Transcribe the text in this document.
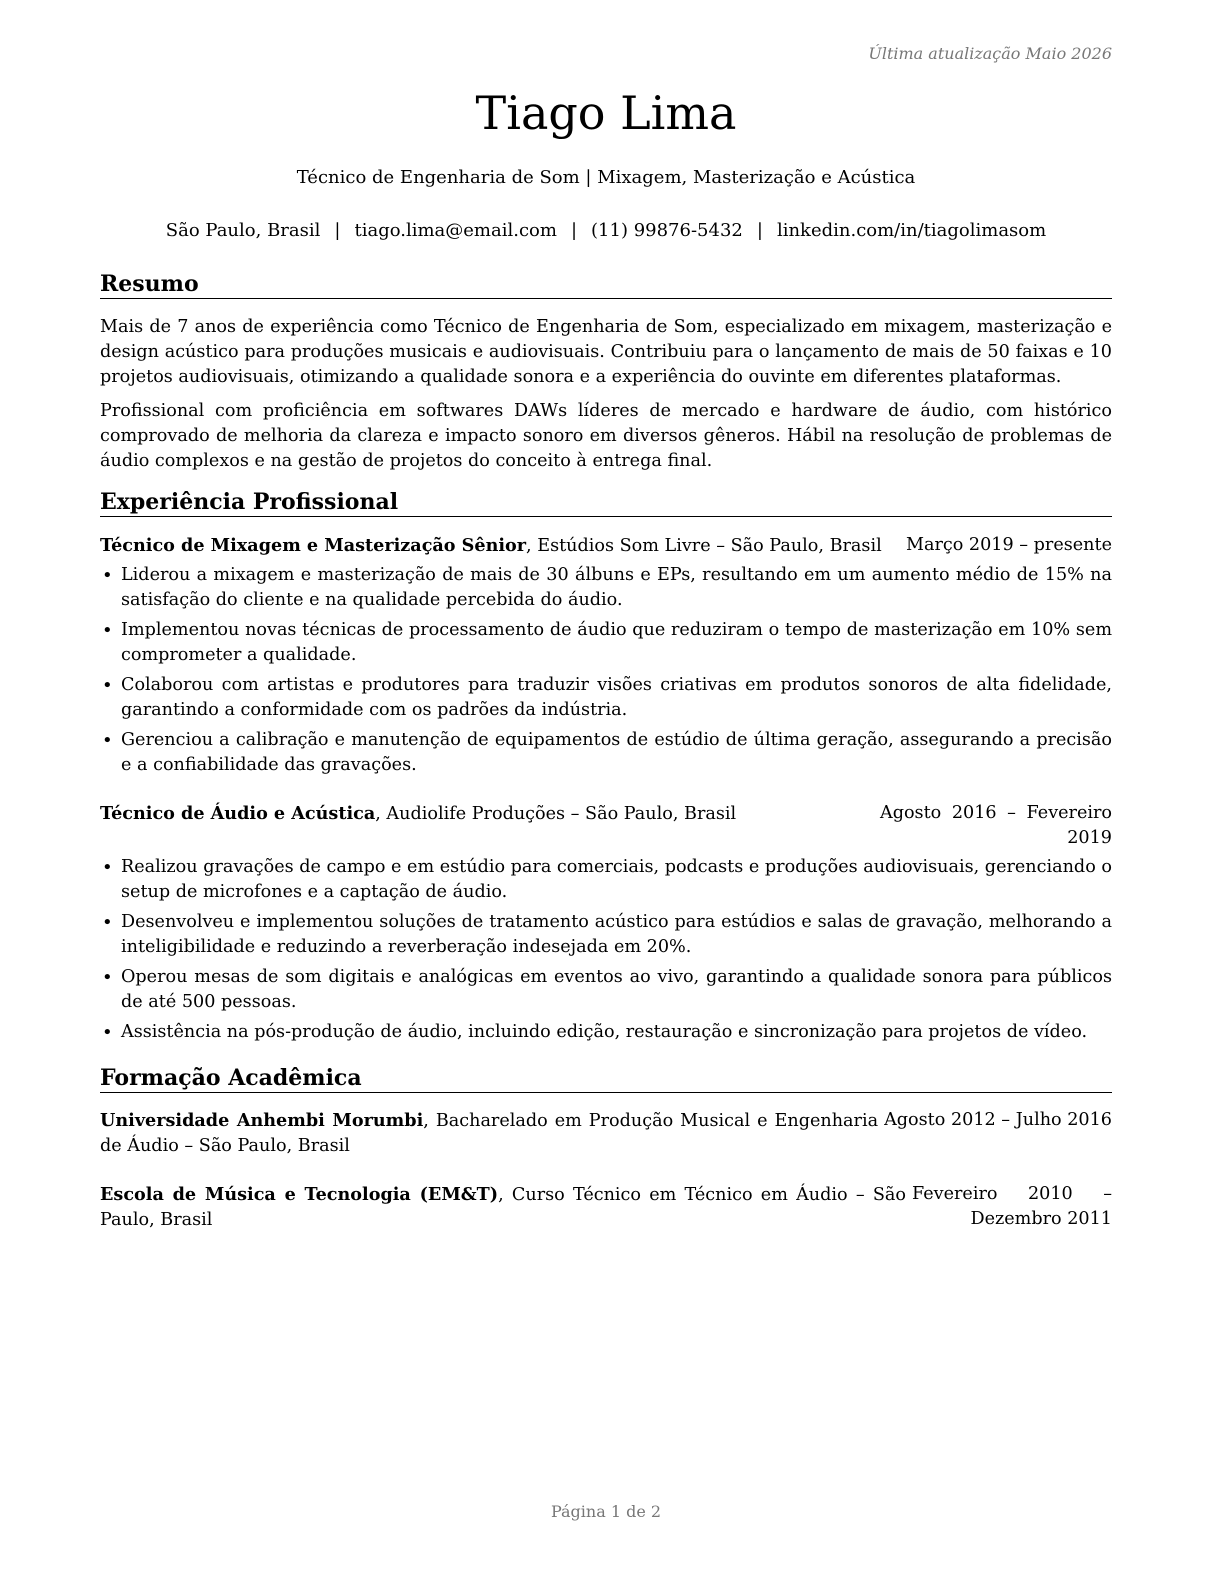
Última atualização Maio 2026
Tiago Lima
Técnico de Engenharia de Som | Mixagem, Masterização e Acústica
São Paulo, Brasil | tiago.lima@email.com | (11) 99876-5432 | linkedin.com/in/tiagolimasom
Resumo

Mais de 7 anos de experiência como Técnico de Engenharia de Som, especializado em mixagem, masterização e design acústico para produções musicais e audiovisuais. Contribuiu para o lançamento de mais de 50 faixas e 10 projetos audiovisuais, otimizando a qualidade sonora e a experiência do ouvinte em diferentes plataformas.

Profissional com proficiência em softwares DAWs líderes de mercado e hardware de áudio, com histórico comprovado de melhoria da clareza e impacto sonoro em diversos gêneros. Hábil na resolução de problemas de áudio complexos e na gestão de projetos do conceito à entrega final.

Experiência Profissional
Técnico de Mixagem e Masterização Sênior, Estúdios Som Livre – São Paulo, Brasil	Março 2019 – presente
• Liderou a mixagem e masterização de mais de 30 álbuns e EPs, resultando em um aumento médio de 15% na satisfação do cliente e na qualidade percebida do áudio.
• Implementou novas técnicas de processamento de áudio que reduziram o tempo de masterização em 10% sem comprometer a qualidade.
• Colaborou com artistas e produtores para traduzir visões criativas em produtos sonoros de alta fidelidade, garantindo a conformidade com os padrões da indústria.
• Gerenciou a calibração e manutenção de equipamentos de estúdio de última geração, assegurando a precisão e a confiabilidade das gravações.
Técnico de Áudio e Acústica, Audiolife Produções – São Paulo, Brasil	Agosto 2016 – Fevereiro 2019
• Realizou gravações de campo e em estúdio para comerciais, podcasts e produções audiovisuais, gerenciando o setup de microfones e a captação de áudio.
• Desenvolveu e implementou soluções de tratamento acústico para estúdios e salas de gravação, melhorando a inteligibilidade e reduzindo a reverberação indesejada em 20%.
• Operou mesas de som digitais e analógicas em eventos ao vivo, garantindo a qualidade sonora para públicos de até 500 pessoas.
• Assistência na pós-produção de áudio, incluindo edição, restauração e sincronização para projetos de vídeo.
Formação Acadêmica
Universidade Anhembi Morumbi, Bacharelado em Produção Musical e Engenharia de Áudio – São Paulo, Brasil
Agosto 2012 – Julho 2016
Escola de Música e Tecnologia (EM&T), Curso Técnico em Técnico em Áudio – São Paulo, Brasil
Fevereiro 2010 – Dezembro 2011
Página 1 de 2
